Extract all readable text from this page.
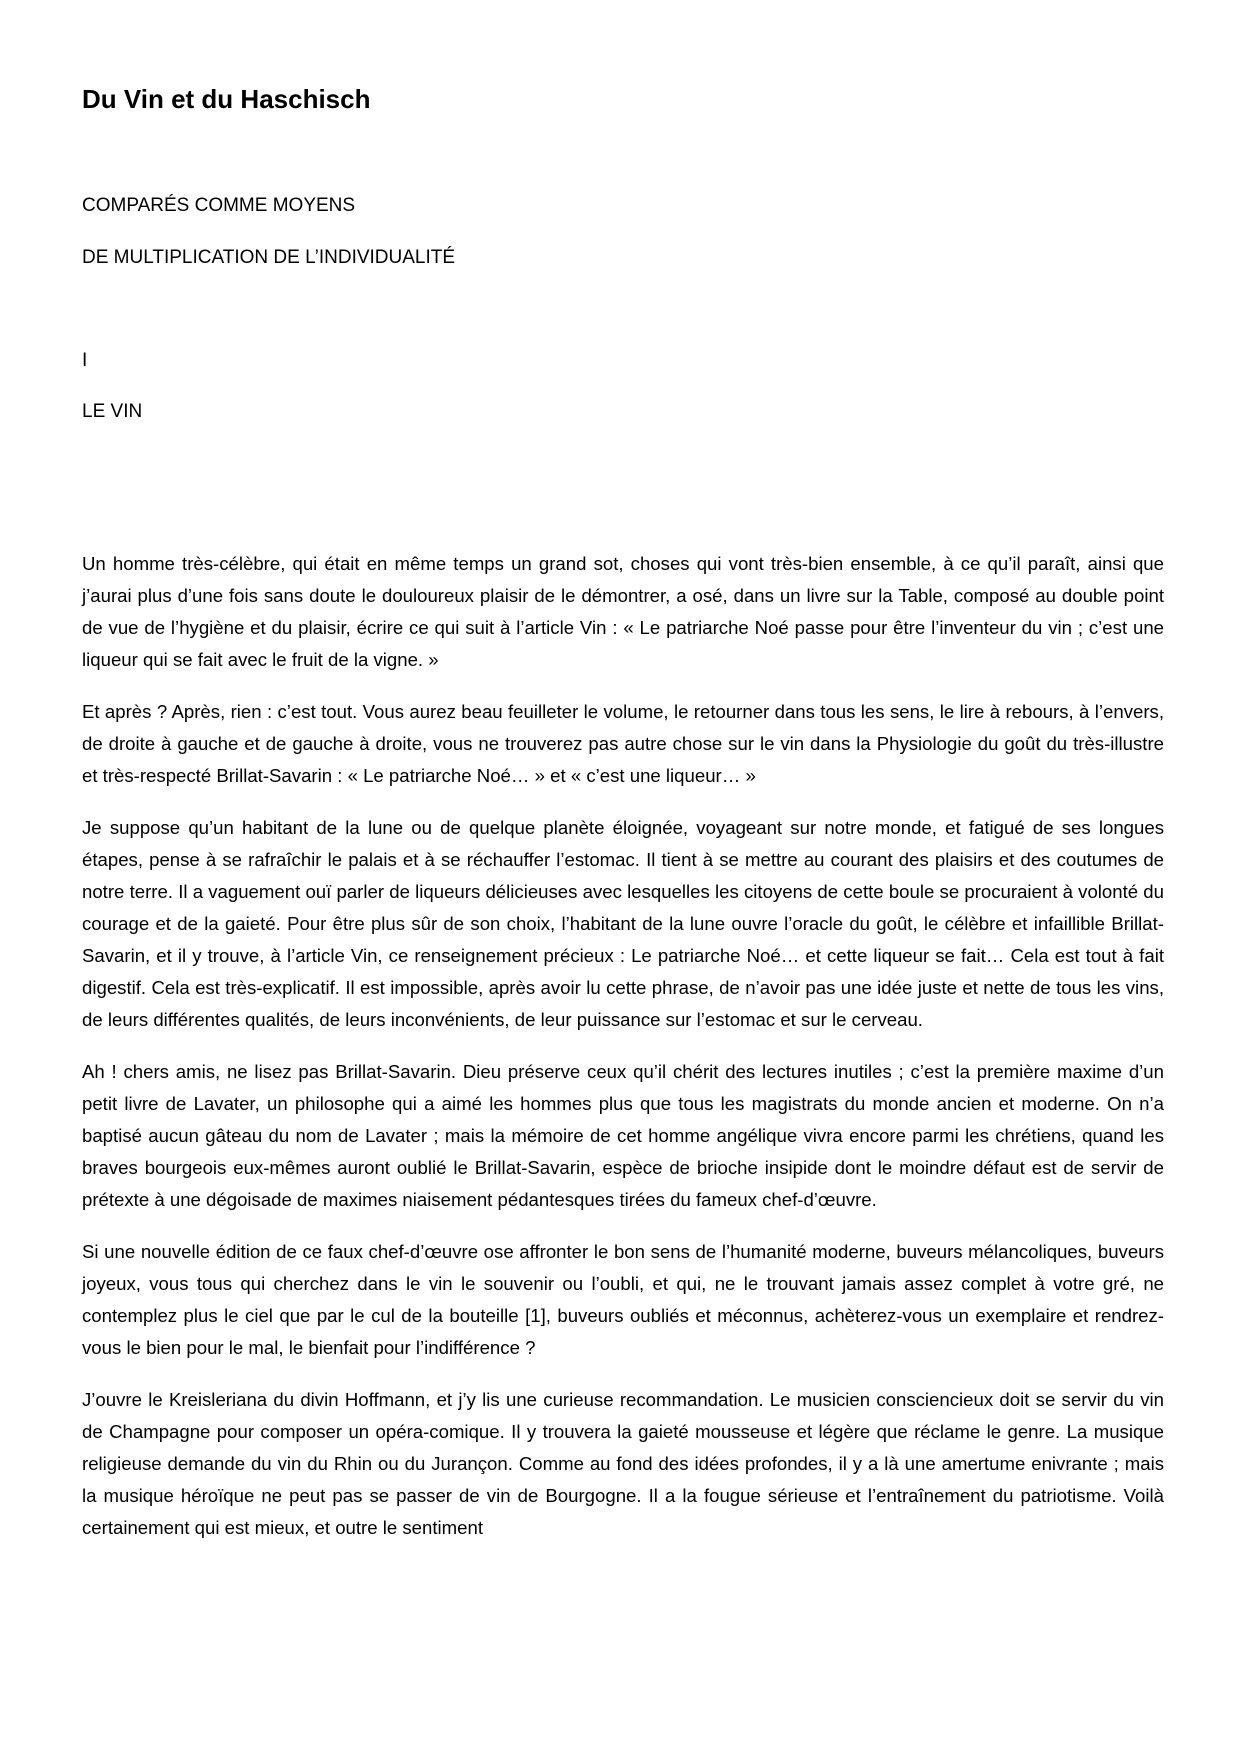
Du Vin et du Haschisch

COMPARÉS COMME MOYENS

DE MULTIPLICATION DE L’INDIVIDUALITÉ

I

LE VIN

Un homme très-célèbre, qui était en même temps un grand sot, choses qui vont très-bien ensemble, à ce qu’il paraît, ainsi que j’aurai plus d’une fois sans doute le douloureux plaisir de le démontrer, a osé, dans un livre sur la Table, composé au double point de vue de l’hygiène et du plaisir, écrire ce qui suit à l’article Vin : « Le patriarche Noé passe pour être l’inventeur du vin ; c’est une liqueur qui se fait avec le fruit de la vigne. »

Et après ? Après, rien : c’est tout. Vous aurez beau feuilleter le volume, le retourner dans tous les sens, le lire à rebours, à l’envers, de droite à gauche et de gauche à droite, vous ne trouverez pas autre chose sur le vin dans la Physiologie du goût du très-illustre et très-respecté Brillat-Savarin : « Le patriarche Noé… » et « c’est une liqueur… »

Je suppose qu’un habitant de la lune ou de quelque planète éloignée, voyageant sur notre monde, et fatigué de ses longues étapes, pense à se rafraîchir le palais et à se réchauffer l’estomac. Il tient à se mettre au courant des plaisirs et des coutumes de notre terre. Il a vaguement ouï parler de liqueurs délicieuses avec lesquelles les citoyens de cette boule se procuraient à volonté du courage et de la gaieté. Pour être plus sûr de son choix, l’habitant de la lune ouvre l’oracle du goût, le célèbre et infaillible Brillat-Savarin, et il y trouve, à l’article Vin, ce renseignement précieux : Le patriarche Noé… et cette liqueur se fait… Cela est tout à fait digestif. Cela est très-explicatif. Il est impossible, après avoir lu cette phrase, de n’avoir pas une idée juste et nette de tous les vins, de leurs différentes qualités, de leurs inconvénients, de leur puissance sur l’estomac et sur le cerveau.

Ah ! chers amis, ne lisez pas Brillat-Savarin. Dieu préserve ceux qu’il chérit des lectures inutiles ; c’est la première maxime d’un petit livre de Lavater, un philosophe qui a aimé les hommes plus que tous les magistrats du monde ancien et moderne. On n’a baptisé aucun gâteau du nom de Lavater ; mais la mémoire de cet homme angélique vivra encore parmi les chrétiens, quand les braves bourgeois eux-mêmes auront oublié le Brillat-Savarin, espèce de brioche insipide dont le moindre défaut est de servir de prétexte à une dégoisade de maximes niaisement pédantesques tirées du fameux chef-d’œuvre.

Si une nouvelle édition de ce faux chef-d’œuvre ose affronter le bon sens de l’humanité moderne, buveurs mélancoliques, buveurs joyeux, vous tous qui cherchez dans le vin le souvenir ou l’oubli, et qui, ne le trouvant jamais assez complet à votre gré, ne contemplez plus le ciel que par le cul de la bouteille [1], buveurs oubliés et méconnus, achèterez-vous un exemplaire et rendrez-vous le bien pour le mal, le bienfait pour l’indifférence ?

J’ouvre le Kreisleriana du divin Hoffmann, et j’y lis une curieuse recommandation. Le musicien consciencieux doit se servir du vin de Champagne pour composer un opéra-comique. Il y trouvera la gaieté mousseuse et légère que réclame le genre. La musique religieuse demande du vin du Rhin ou du Jurançon. Comme au fond des idées profondes, il y a là une amertume enivrante ; mais la musique héroïque ne peut pas se passer de vin de Bourgogne. Il a la fougue sérieuse et l’entraînement du patriotisme. Voilà certainement qui est mieux, et outre le sentiment
